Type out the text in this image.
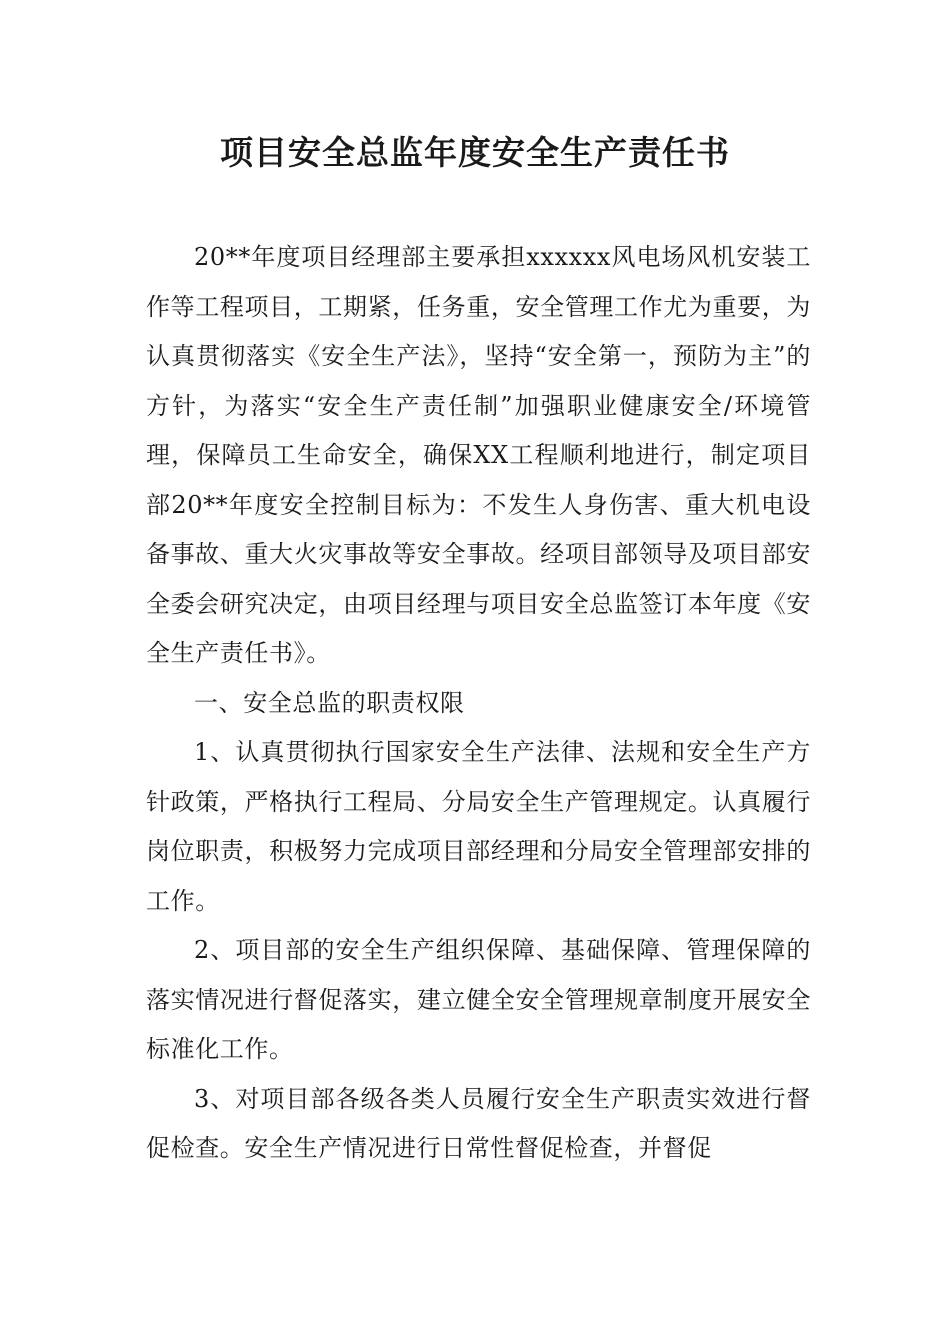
项目安全总监年度安全生产责任书

20**年度项目经理部主要承担xxxxxx风电场风机安装工作等工程项目，工期紧，任务重，安全管理工作尤为重要，为认真贯彻落实《安全生产法》，坚持“安全第一，预防为主”的方针，为落实“安全生产责任制”加强职业健康安全/环境管理，保障员工生命安全，确保XX工程顺利地进行，制定项目部20**年度安全控制目标为：不发生人身伤害、重大机电设备事故、重大火灾事故等安全事故。经项目部领导及项目部安全委会研究决定，由项目经理与项目安全总监签订本年度《安全生产责任书》。

一、安全总监的职责权限

1、认真贯彻执行国家安全生产法律、法规和安全生产方针政策，严格执行工程局、分局安全生产管理规定。认真履行岗位职责，积极努力完成项目部经理和分局安全管理部安排的工作。

2、项目部的安全生产组织保障、基础保障、管理保障的落实情况进行督促落实，建立健全安全管理规章制度开展安全标准化工作。

3、对项目部各级各类人员履行安全生产职责实效进行督促检查。安全生产情况进行日常性督促检查，并督促
